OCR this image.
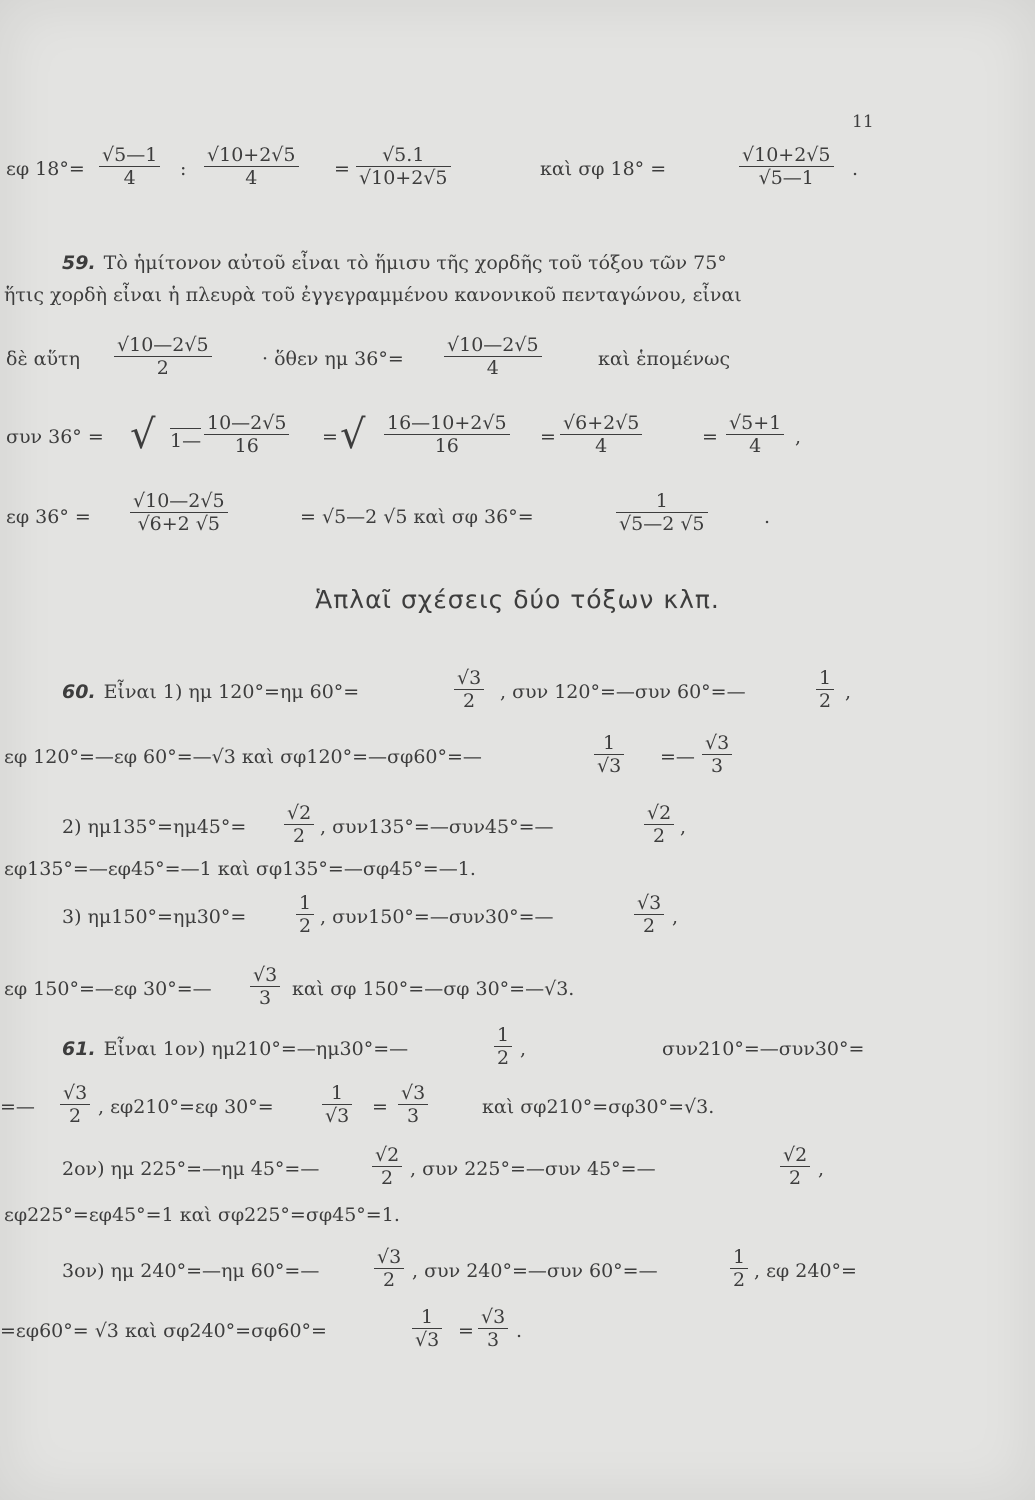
11
εφ $18^\circ= \frac{√5—1}{4}$ : $\frac{√10+2√5}{4} = \frac{√5.1}{√10+2√5}$	καὶ σφ 18° =	$\frac{√10+2√5}{√5—1}$ .
59. Τὸ ἡμίτονον αὐτοῦ εἶναι τὸ ἥμισυ τῆς χορδῆς τοῦ τόξου τῶν 75°
ἥτις χορδὴ εἶναι ἡ πλευρὰ τοῦ ἐγγεγραμμένου κανονικοῦ πενταγώνου, εἶναι
δὲ αὕτη $\frac{√10—2√5}{2}$	· ὅθεν ημ $36^\circ= \frac{√10—2√5}{4}$	καὶ ἑπομένως
συν 36° = √ 1— $\frac{10—2√5}{16}$ = √ $\frac{16—10+2√5}{16} = \frac{√6+2√5}{4}$	= $\frac{√5+1}{4}$ ,
εφ $36^\circ = \frac{√10—2√5}{√6+2 √5}$	= √5—2 √5 καὶ σφ 36°=	$\frac{1}{√5—2 √5}$	.
Ἁπλαῖ σχέσεις δύο τόξων κλπ.
60. Εἶναι 1) ημ 120°=ημ 60°=	$\frac{√3}{2}$ , συν 120°=—συν 60°=—	$\frac{1}{2}$ ,
εφ 120°=—εφ 60°=—√3 καὶ σφ120°=—σφ60°=—	$\frac{1}{√3}$ =— $\frac{√3}{3}$
2) $\eta\mu 135^\circ=\eta\mu 45^\circ= \frac{√2}{2}$ , συν135°=—συν45°=—	$\frac{√2}{2}$ ,
εφ135°=—εφ45°=—1 καὶ σφ135°=—σφ45°=—1.
3) ημ150°=ημ30°=	$\frac{1}{2}$ , συν150°=—συν30°=—	$\frac{√3}{2}$ ,
εφ 150°=—εφ 30°=— $\frac{√3}{3}$ καὶ σφ 150°=—σφ 30°=—√3.
61. Εἶναι 1ον) ημ210°=—ημ30°=—	$\frac{1}{2}$ ,	συν210°=—συν30°=
=— $\frac{√3}{2}$ , εφ210°=εφ 30°=	$\frac{1}{√3} = \frac{√3}{3}$	καὶ σφ210°=σφ30°=√3.
2ον) ημ 225°=—ημ 45°=—	$\frac{√2}{2}$ , συν 225°=—συν 45°=—	$\frac{√2}{2}$ ,
εφ225°=εφ45°=1 καὶ σφ225°=σφ45°=1.
3ον) ημ 240°=—ημ 60°=—	$\frac{√3}{2}$ , συν 240°=—συν 60°=—	$\frac{1}{2}$ , εφ 240°=
=εφ60°= √3 καὶ σφ240°=σφ60°=	$\frac{1}{√3} = \frac{√3}{3}$ .
